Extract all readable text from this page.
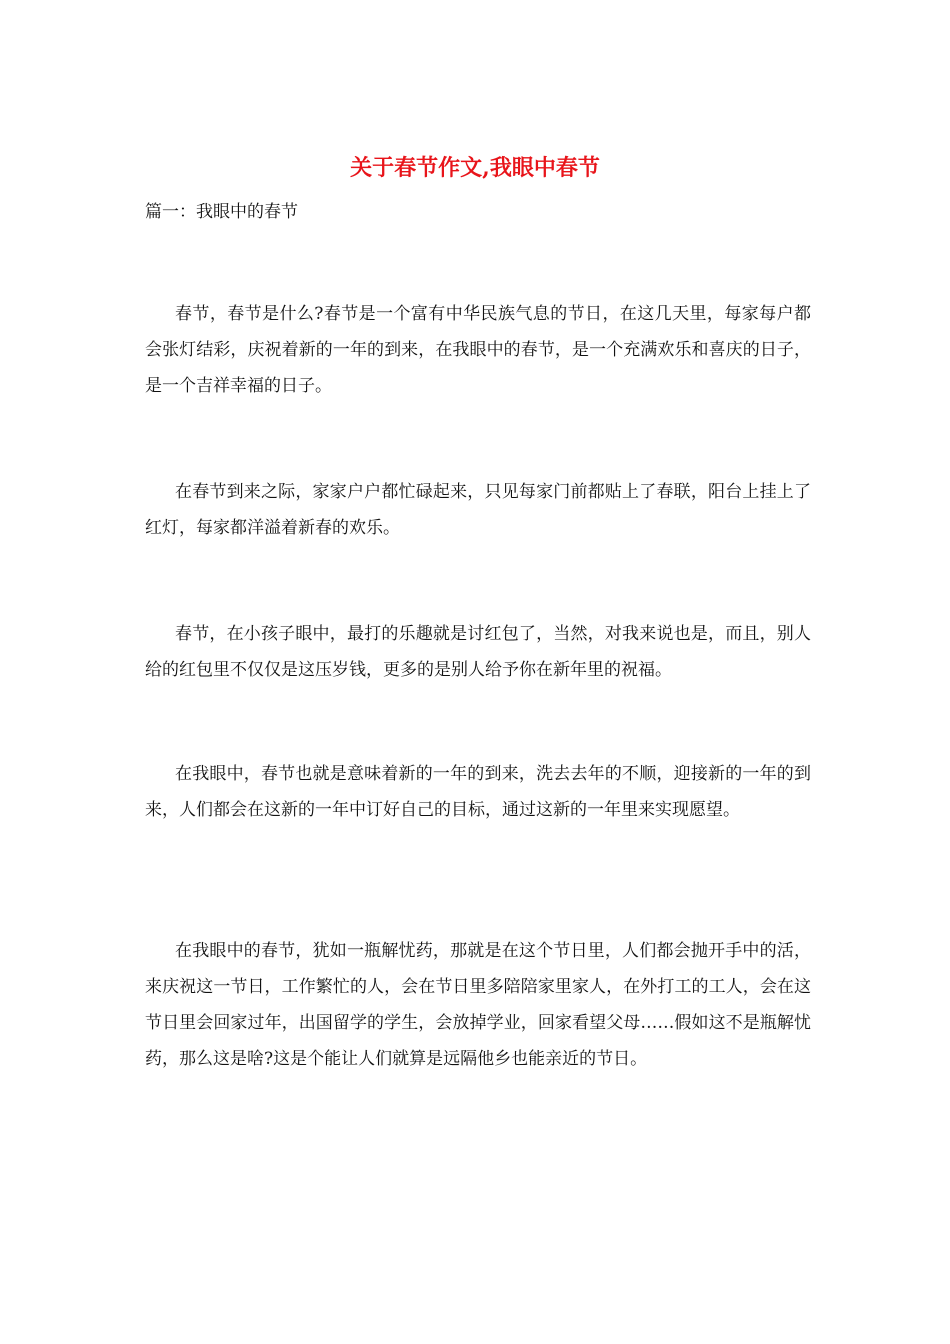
关于春节作文,我眼中春节
篇一：我眼中的春节

春节，春节是什么?春节是一个富有中华民族气息的节日，在这几天里，每家每户都会张灯结彩，庆祝着新的一年的到来，在我眼中的春节，是一个充满欢乐和喜庆的日子，是一个吉祥幸福的日子。

在春节到来之际，家家户户都忙碌起来，只见每家门前都贴上了春联，阳台上挂上了红灯，每家都洋溢着新春的欢乐。

春节，在小孩子眼中，最打的乐趣就是讨红包了，当然，对我来说也是，而且，别人给的红包里不仅仅是这压岁钱，更多的是别人给予你在新年里的祝福。

在我眼中，春节也就是意味着新的一年的到来，洗去去年的不顺，迎接新的一年的到来，人们都会在这新的一年中订好自己的目标，通过这新的一年里来实现愿望。

在我眼中的春节，犹如一瓶解忧药，那就是在这个节日里，人们都会抛开手中的活，来庆祝这一节日，工作繁忙的人，会在节日里多陪陪家里家人，在外打工的工人，会在这节日里会回家过年，出国留学的学生，会放掉学业，回家看望父母……假如这不是瓶解忧药，那么这是啥?这是个能让人们就算是远隔他乡也能亲近的节日。
